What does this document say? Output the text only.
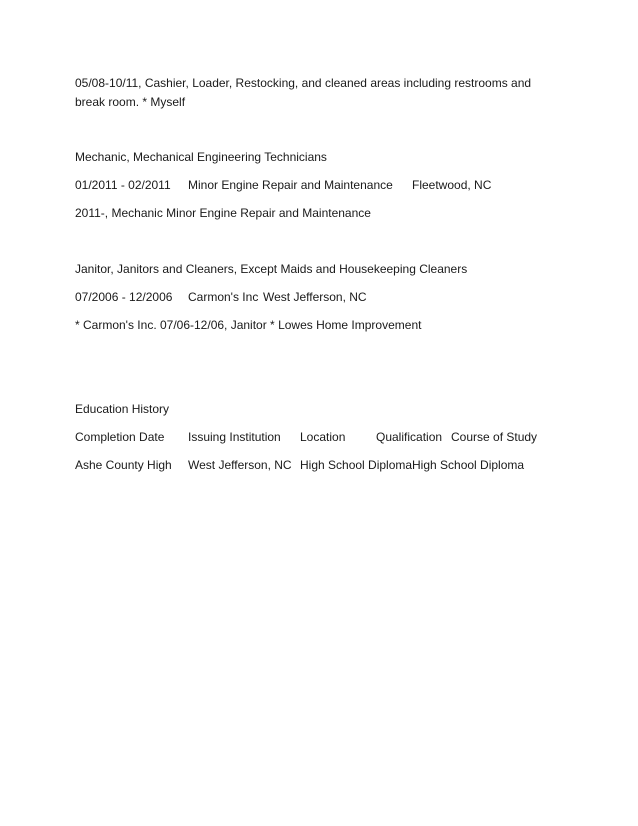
05/08-10/11, Cashier, Loader, Restocking, and cleaned areas including restrooms and break room. * Myself
Mechanic, Mechanical Engineering Technicians
01/2011 - 02/2011 Minor Engine Repair and Maintenance Fleetwood, NC
2011-, Mechanic Minor Engine Repair and Maintenance
Janitor, Janitors and Cleaners, Except Maids and Housekeeping Cleaners
07/2006 - 12/2006 Carmon's Inc West Jefferson, NC
* Carmon's Inc. 07/06-12/06, Janitor * Lowes Home Improvement
Education History
Completion Date Issuing Institution Location	Qualification Course of Study
Ashe County High West Jefferson, NC High School Diploma High School Diploma
